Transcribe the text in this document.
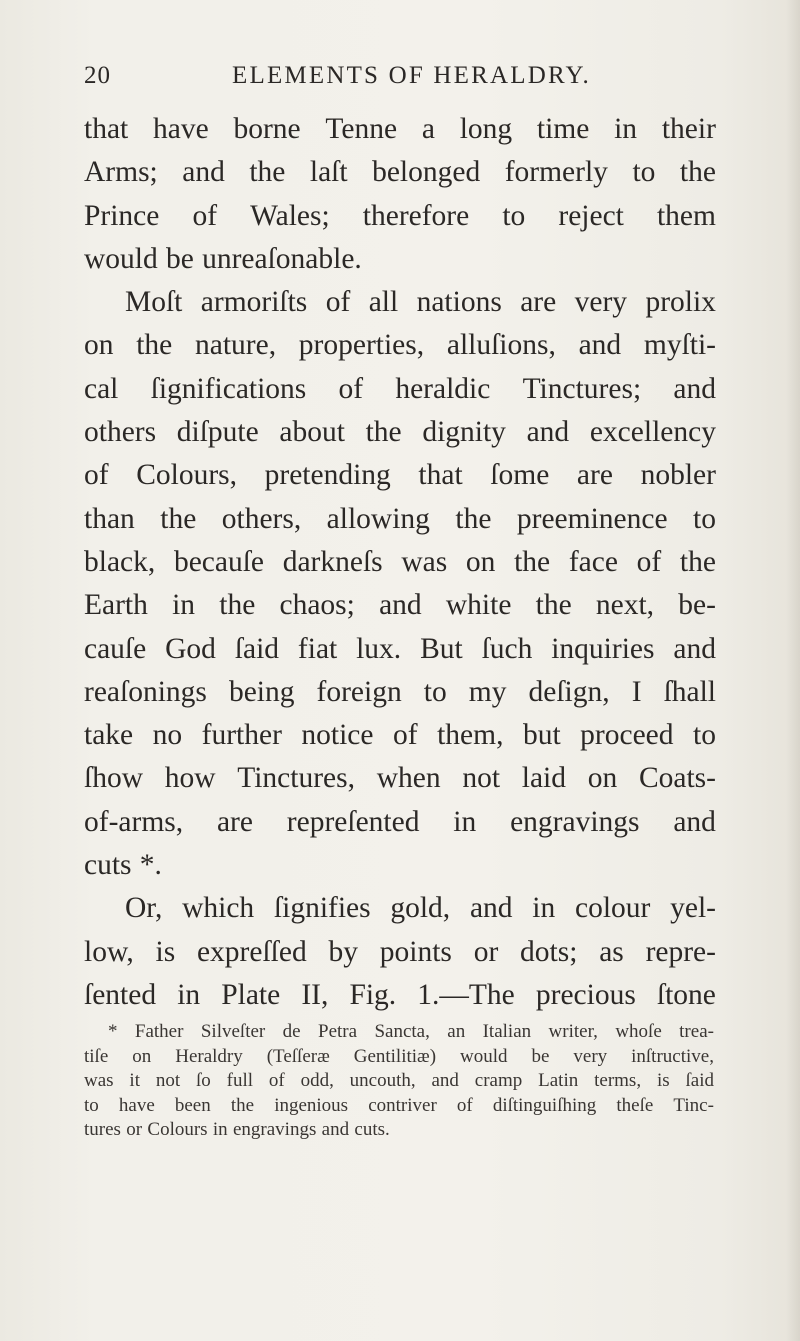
20	ELEMENTS OF HERALDRY.
that have borne Tenne a long time in their
Arms; and the laſt belonged formerly to the
Prince of Wales; therefore to reject them
would be unreaſonable.
Moſt armoriſts of all nations are very prolix
on the nature, properties, alluſions, and myſti-
cal ſignifications of heraldic Tinctures; and
others diſpute about the dignity and excellency
of Colours, pretending that ſome are nobler
than the others, allowing the preeminence to
black, becauſe darkneſs was on the face of the
Earth in the chaos; and white the next, be-
cauſe God ſaid fiat lux. But ſuch inquiries and
reaſonings being foreign to my deſign, I ſhall
take no further notice of them, but proceed to
ſhow how Tinctures, when not laid on Coats-
of-arms, are repreſented in engravings and
cuts *.
Or, which ſignifies gold, and in colour yel-
low, is expreſſed by points or dots; as repre-
ſented in Plate II, Fig. 1.—The precious ſtone
* Father Silveſter de Petra Sancta, an Italian writer, whoſe trea-
tiſe on Heraldry (Teſſeræ Gentilitiæ) would be very inſtructive,
was it not ſo full of odd, uncouth, and cramp Latin terms, is ſaid
to have been the ingenious contriver of diſtinguiſhing theſe Tinc-
tures or Colours in engravings and cuts.
